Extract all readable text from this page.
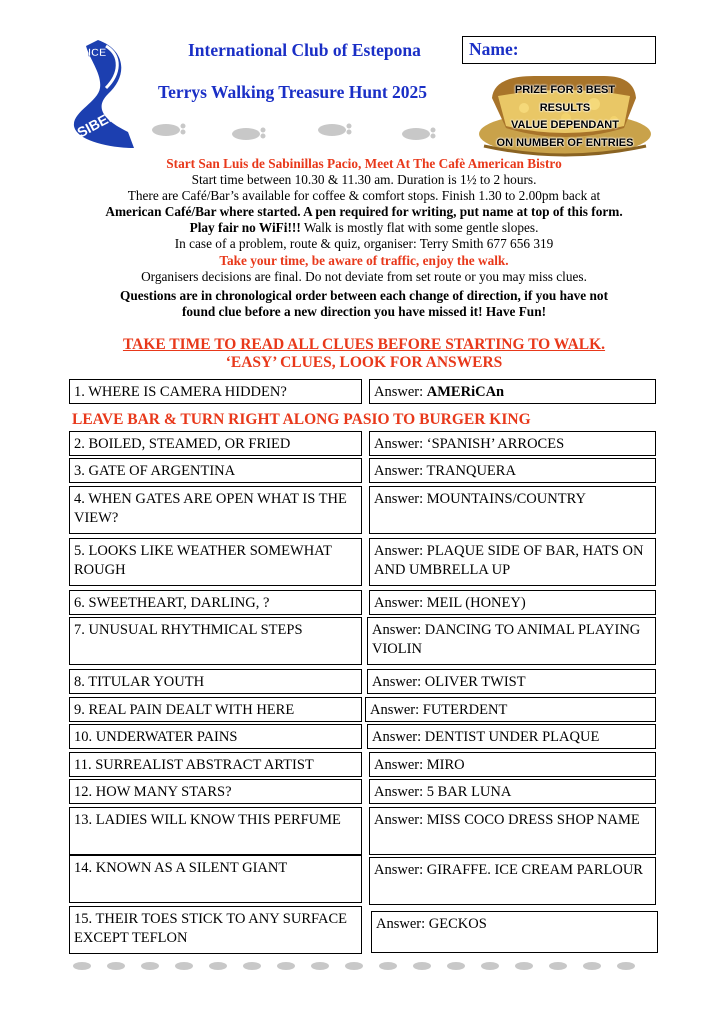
ICE
SIBERME
International Club of Estepona	Name:
Terrys Walking Treasure Hunt 2025	PRIZE FOR 3 BEST
RESULTS
VALUE DEPENDANT
ON NUMBER OF ENTRIES

Start San Luis de Sabinillas Pacio, Meet At The Cafè American Bistro

Start time between 10.30 & 11.30 am. Duration is 1½ to 2 hours.

There are Café/Bar’s available for coffee & comfort stops. Finish 1.30 to 2.00pm back at

American Café/Bar where started. A pen required for writing, put name at top of this form.

Play fair no WiFi!!! Walk is mostly flat with some gentle slopes.

In case of a problem, route & quiz, organiser: Terry Smith 677 656 319

Take your time, be aware of traffic, enjoy the walk.

Organisers decisions are final. Do not deviate from set route or you may miss clues.

Questions are in chronological order between each change of direction, if you have not

found clue before a new direction you have missed it! Have Fun!

TAKE TIME TO READ ALL CLUES BEFORE STARTING TO WALK.
‘EASY’ CLUES, LOOK FOR ANSWERS
LEAVE BAR & TURN RIGHT ALONG PASIO TO BURGER KING
1. WHERE IS CAMERA HIDDEN?	Answer: AMERiCAn
2. BOILED, STEAMED, OR FRIED	Answer: ‘SPANISH’ ARROCES
3. GATE OF ARGENTINA	Answer: TRANQUERA
4. WHEN GATES ARE OPEN WHAT IS THE VIEW?
Answer: MOUNTAINS/COUNTRY
5. LOOKS LIKE WEATHER SOMEWHAT ROUGH
Answer: PLAQUE SIDE OF BAR, HATS ON AND UMBRELLA UP
6. SWEETHEART, DARLING, ?	Answer: MEIL (HONEY)
7. UNUSUAL RHYTHMICAL STEPS	Answer: DANCING TO ANIMAL PLAYING VIOLIN
8. TITULAR YOUTH	Answer: OLIVER TWIST
9. REAL PAIN DEALT WITH HERE	Answer: FUTERDENT
10. UNDERWATER PAINS	Answer: DENTIST UNDER PLAQUE
11. SURREALIST ABSTRACT ARTIST	Answer: MIRO
12. HOW MANY STARS?	Answer: 5 BAR LUNA
13. LADIES WILL KNOW THIS PERFUME	Answer: MISS COCO DRESS SHOP NAME
14. KNOWN AS A SILENT GIANT	Answer: GIRAFFE. ICE CREAM PARLOUR
15. THEIR TOES STICK TO ANY SURFACE EXCEPT TEFLON
Answer: GECKOS
